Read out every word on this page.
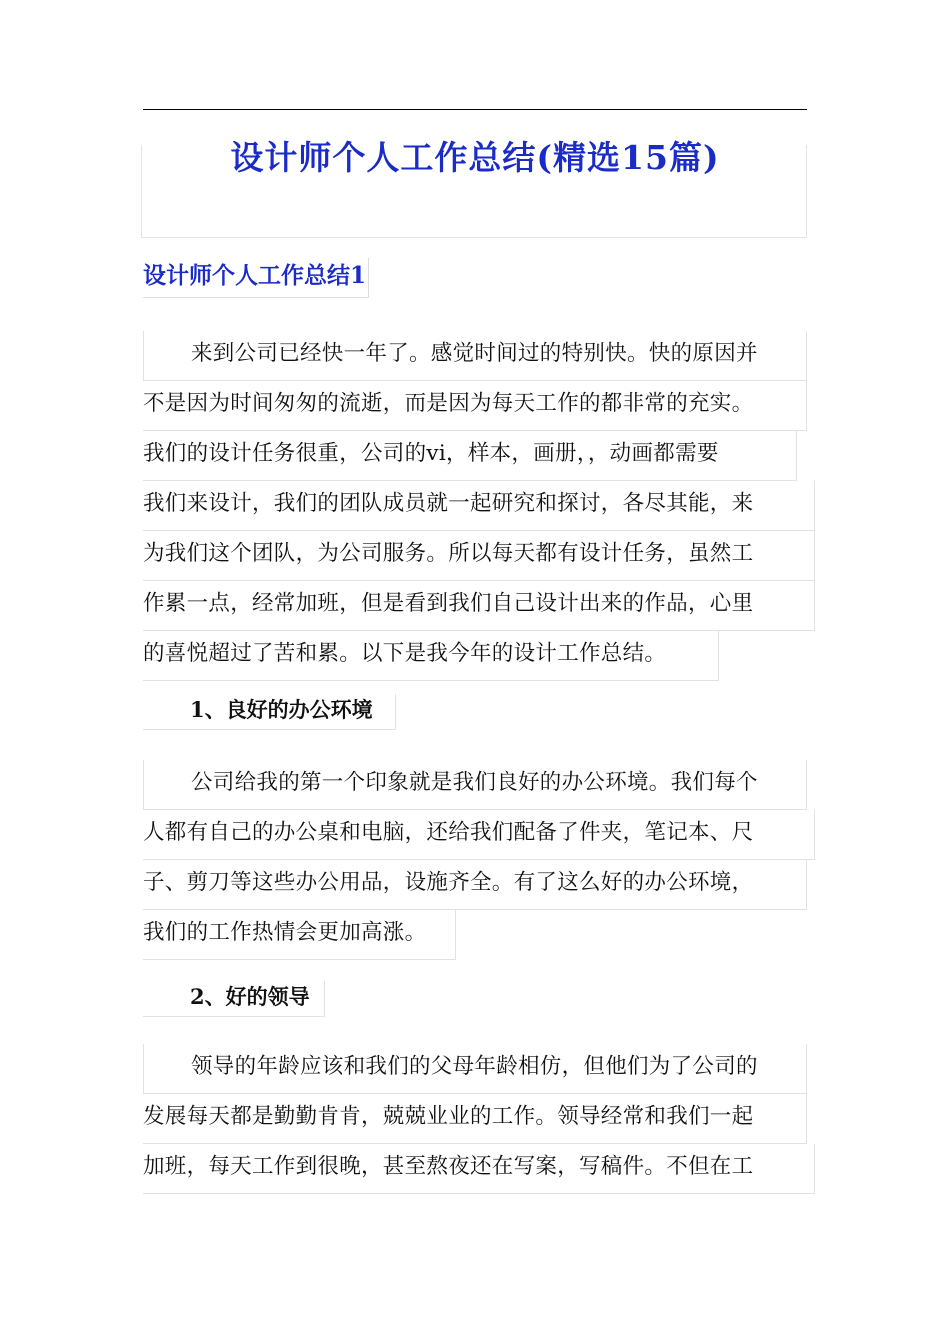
设计师个人工作总结(精选15篇)
设计师个人工作总结1
来到公司已经快一年了。感觉时间过的特别快。快的原因并
不是因为时间匆匆的流逝，而是因为每天工作的都非常的充实。
我们的设计任务很重，公司的vi，样本，画册，，动画都需要
我们来设计，我们的团队成员就一起研究和探讨，各尽其能，来
为我们这个团队，为公司服务。所以每天都有设计任务，虽然工
作累一点，经常加班，但是看到我们自己设计出来的作品，心里
的喜悦超过了苦和累。以下是我今年的设计工作总结。
1、良好的办公环境
公司给我的第一个印象就是我们良好的办公环境。我们每个
人都有自己的办公桌和电脑，还给我们配备了件夹，笔记本、尺
子、剪刀等这些办公用品，设施齐全。有了这么好的办公环境，
我们的工作热情会更加高涨。
2、好的领导
领导的年龄应该和我们的父母年龄相仿，但他们为了公司的
发展每天都是勤勤肯肯，兢兢业业的工作。领导经常和我们一起
加班，每天工作到很晚，甚至熬夜还在写案，写稿件。不但在工
